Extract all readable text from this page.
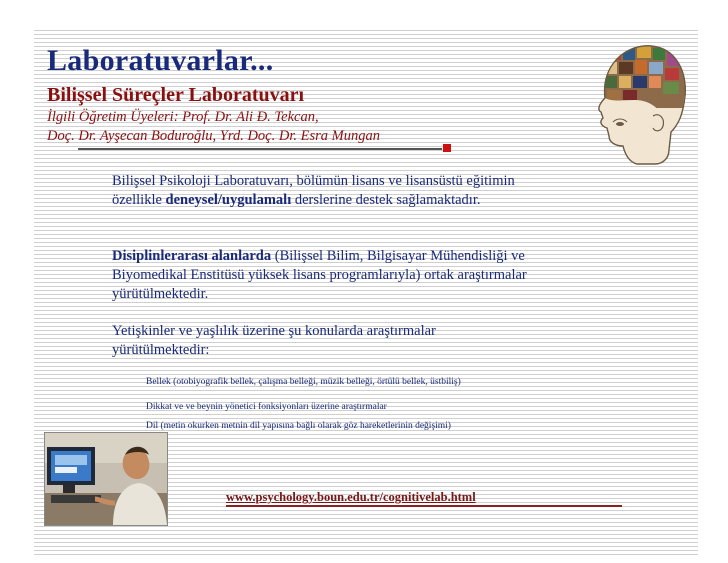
Laboratuvarlar...
Bilişsel Süreçler Laboratuvarı
İlgili Öğretim Üyeleri: Prof. Dr. Ali Đ. Tekcan,
Doç. Dr. Ayşecan Boduroğlu, Yrd. Doç. Dr. Esra Mungan
Bilişsel Psikoloji Laboratuvarı, bölümün lisans ve lisansüstü eğitimin özellikle deneysel/uygulamalı derslerine destek sağlamaktadır.
Disiplinlerarası alanlarda (Bilişsel Bilim, Bilgisayar Mühendisliği ve Biyomedikal Enstitüsü yüksek lisans programlarıyla) ortak araştırmalar yürütülmektedir.
Yetişkinler ve yaşlılık üzerine şu konularda araştırmalar yürütülmektedir:
Bellek (otobiyografik bellek, çalışma belleği, müzik belleği, örtülü bellek, üstbiliş)
Dikkat ve ve beynin yönetici fonksiyonları üzerine araştırmalar
Dil (metin okurken metnin dil yapısına bağlı olarak göz hareketlerinin değişimi)
www.psychology.boun.edu.tr/cognitivelab.html
